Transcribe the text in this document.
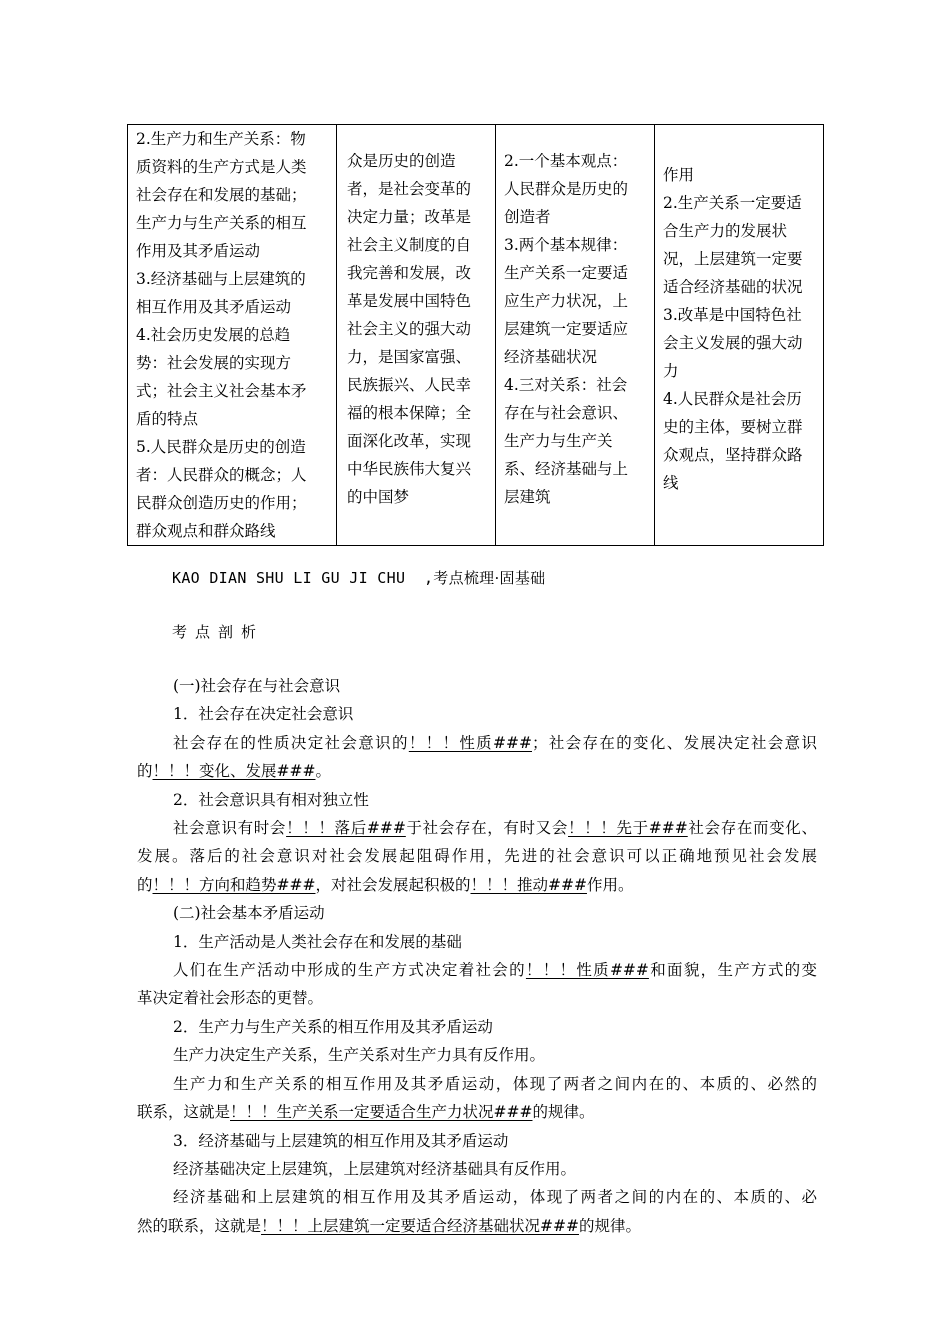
2.生产力和生产关系：物
质资料的生产方式是人类
社会存在和发展的基础；
生产力与生产关系的相互
作用及其矛盾运动
3.经济基础与上层建筑的
相互作用及其矛盾运动
4.社会历史发展的总趋
势：社会发展的实现方
式；社会主义社会基本矛
盾的特点
5.人民群众是历史的创造
者：人民群众的概念；人
民群众创造历史的作用；
群众观点和群众路线

众是历史的创造
者，是社会变革的
决定力量；改革是
社会主义制度的自
我完善和发展，改
革是发展中国特色
社会主义的强大动
力，是国家富强、
民族振兴、人民幸
福的根本保障；全
面深化改革，实现
中华民族伟大复兴
的中国梦

2.一个基本观点：
人民群众是历史的
创造者
3.两个基本规律：
生产关系一定要适
应生产力状况，上
层建筑一定要适应
经济基础状况
4.三对关系：社会
存在与社会意识、
生产力与生产关
系、经济基础与上
层建筑

作用
2.生产关系一定要适
合生产力的发展状
况，上层建筑一定要
适合经济基础的状况
3.改革是中国特色社
会主义发展的强大动
力
4.人民群众是社会历
史的主体，要树立群
众观点，坚持群众路
线
KAO DIAN SHU LI GU JI CHU  ,考点梳理·固基础
考点剖析

(一)社会存在与社会意识

1．社会存在决定社会意识

社会存在的性质决定社会意识的！！！性质###；社会存在的变化、发展决定社会意识

的！！！变化、发展###。

2．社会意识具有相对独立性

社会意识有时会！！！落后###于社会存在，有时又会！！！先于###社会存在而变化、

发展。落后的社会意识对社会发展起阻碍作用，先进的社会意识可以正确地预见社会发展

的！！！方向和趋势###，对社会发展起积极的！！！推动###作用。

(二)社会基本矛盾运动

1．生产活动是人类社会存在和发展的基础

人们在生产活动中形成的生产方式决定着社会的！！！性质###和面貌，生产方式的变

革决定着社会形态的更替。

2．生产力与生产关系的相互作用及其矛盾运动

生产力决定生产关系，生产关系对生产力具有反作用。

生产力和生产关系的相互作用及其矛盾运动，体现了两者之间内在的、本质的、必然的

联系，这就是！！！生产关系一定要适合生产力状况###的规律。

3．经济基础与上层建筑的相互作用及其矛盾运动

经济基础决定上层建筑，上层建筑对经济基础具有反作用。

经济基础和上层建筑的相互作用及其矛盾运动，体现了两者之间的内在的、本质的、必

然的联系，这就是！！！上层建筑一定要适合经济基础状况###的规律。
